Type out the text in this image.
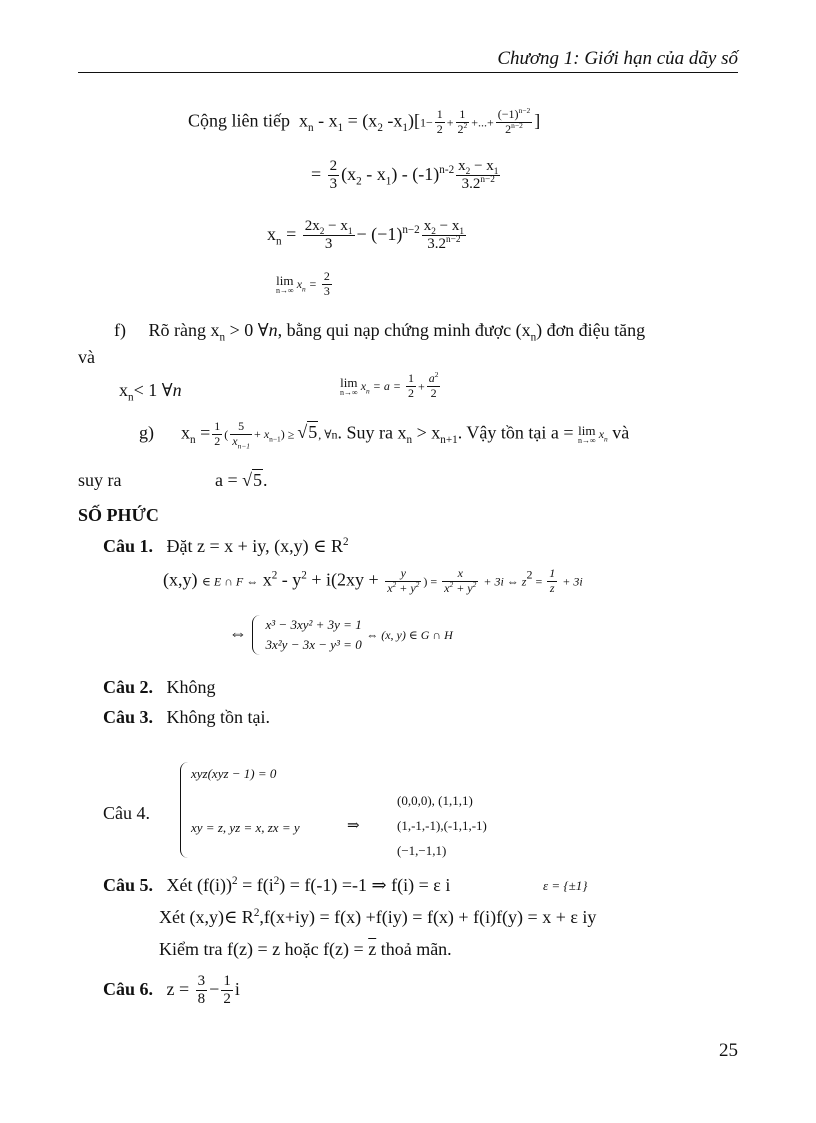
Chương 1: Giới hạn của dãy số
Cộng liên tiếp $x_n - x_1 = (x_2$ $-x_1)[1- \frac{1}{2} + \frac{1}{2^2}$ +...+ $\frac{(-1)^{n-2}}{2^{n-2}}$ ]
= $\frac{2}{3} (x_2 - x_1) - (-1)^{n-2} \frac{x_2 - x_1}{3.2^{n-2}}$
$x_n = \frac{2x_2 - x_1}{3} - (-1)^{n-2} \frac{x_2 - x_1}{3.2^{n-2}}$
lim
n→∞ $x_n = \frac{2}{3}$
f) Rõ ràng $x_n > 0$ ∀n, bằng qui nạp chứng minh được $(x_n)$ đơn điệu tăng
và
$x_n< 1$ ∀n	lim
n→∞ $x_n = a = \frac{1}{2} + \frac{a^2}{2}$
g) $x_n = \frac{1}{2}$ ( $\frac{5}{x_{n-1}} + x_{n-1}) \ge √5$, ∀n. Suy ra $x_n > x_{n+1}$. Vậy tồn tại a = lim
n→∞ $x_n$ và
suy ra	a = √5.
SỐ PHỨC
Câu 1. Đặt z = x + iy, (x,y) ∈ $R^2$
(x,y) ∈ E ∩ F ⇔ $x^2 - y^2 + i(2xy + \frac{y}{x^2 + y^2}$ ) = $\frac{x}{x^2 + y^2} + 3i$ ⇔ $z^2 = \frac{1}{z} + 3i$
⇔ x³ − 3xy² + 3y = 1
3x²y − 3x − y³ = 0
⇔ (x, y) ∈ G ∩ H
Câu 2. Không
Câu 3. Không tồn tại.
Câu 4.
xyz(xyz − 1) = 0
xy = z, yz = x, zx = y	⇒
(0,0,0), (1,1,1)
(1,-1,-1),(-1,1,-1)
(−1,−1,1)
Câu 5. Xét $(f(i))^2 = f(i^2) = f(-1) =-1$ ⇒ f(i) = ε i	ε = {±1}
Xét (x,y)∈ $R^2,f(x+iy) = f(x) +f(iy) = f(x) + f(i)f(y) = x + \varepsilon$ iy
Kiểm tra f(z) = z hoặc $f(z) = \overline{z}$ thoả mãn.
Câu 6. $z = \frac{3}{8} - \frac{1}{2}$ i
25
